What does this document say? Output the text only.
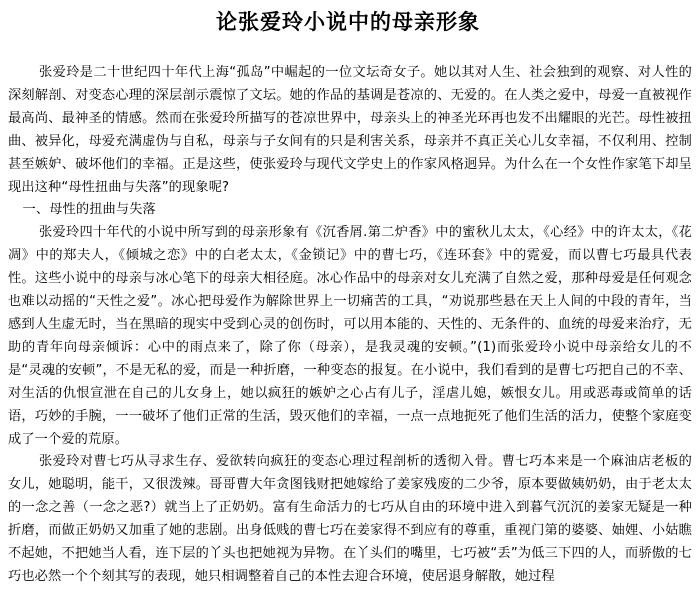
论张爱玲小说中的母亲形象

张爱玲是二十世纪四十年代上海“孤岛”中崛起的一位文坛奇女子。她以其对人生、社会独到的观察、对人性的深刻解剖、对变态心理的深层剖示震惊了文坛。她的作品的基调是苍凉的、无爱的。在人类之爱中，母爱一直被视作最高尚、最神圣的情感。然而在张爱玲所描写的苍凉世界中，母亲头上的神圣光环再也发不出耀眼的光芒。母性被扭曲、被异化，母爱充满虚伪与自私，母亲与子女间有的只是利害关系，母亲并不真正关心儿女幸福，不仅利用、控制甚至嫉妒、破坏他们的幸福。正是这些，使张爱玲与现代文学史上的作家风格迥异。为什么在一个女性作家笔下却呈现出这种“母性扭曲与失落”的现象呢?

一、母性的扭曲与失落

张爱玲四十年代的小说中所写到的母亲形象有《沉香屑.第二炉香》中的蜜秋儿太太，《心经》中的许太太，《花凋》中的郑夫人，《倾城之恋》中的白老太太，《金锁记》中的曹七巧，《连环套》中的霓爱，而以曹七巧最具代表性。这些小说中的母亲与冰心笔下的母亲大相径庭。冰心作品中的母亲对女儿充满了自然之爱，那种母爱是任何观念也难以动摇的“天性之爱”。冰心把母爱作为解除世界上一切痛苦的工具，“劝说那些悬在天上人间的中段的青年，当感到人生虚无时，当在黑暗的现实中受到心灵的创伤时，可以用本能的、天性的、无条件的、血统的母爱来治疗，无助的青年向母亲倾诉：心中的雨点来了，除了你（母亲），是我灵魂的安顿。”(1)而张爱玲小说中母亲给女儿的不是“灵魂的安顿”，不是无私的爱，而是一种折磨，一种变态的报复。在小说中，我们看到的是曹七巧把自己的不幸、对生活的仇恨宣泄在自己的儿女身上，她以疯狂的嫉妒之心占有儿子，淫虐儿媳，嫉恨女儿。用或恶毒或简单的话语，巧妙的手腕，一一破坏了他们正常的生活，毁灭他们的幸福，一点一点地扼死了他们生活的活力，使整个家庭变成了一个爱的荒原。

张爱玲对曹七巧从寻求生存、爱欲转向疯狂的变态心理过程剖析的透彻入骨。曹七巧本来是一个麻油店老板的女儿，她聪明，能干，又很泼辣。哥哥曹大年贪图钱财把她嫁给了姜家残废的二少爷，原本要做姨奶奶，由于老太太的一念之善（一念之恶?）就当上了正奶奶。富有生命活力的七巧从自由的环境中进入到暮气沉沉的姜家无疑是一种折磨，而做正奶奶又加重了她的悲剧。出身低贱的曹七巧在姜家得不到应有的尊重，重视门第的婆婆、妯娌、小姑瞧不起她，不把她当人看，连下层的丫头也把她视为异物。在丫头们的嘴里，七巧被“丢”为低三下四的人，而骄傲的七巧也必然一个个刻其写的表现，她只相调整着自己的本性去迎合环境，使居退身解散，她过程
